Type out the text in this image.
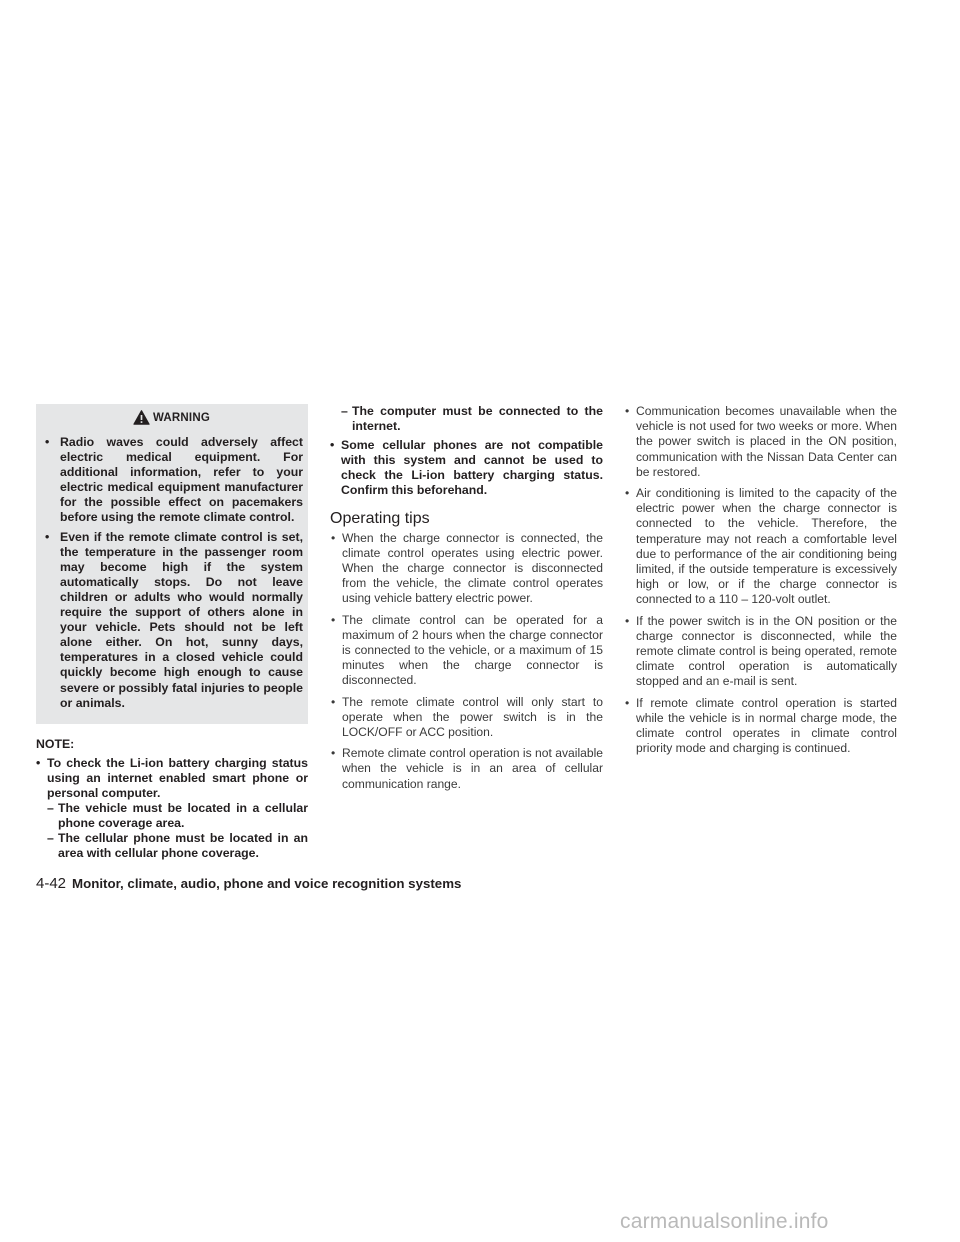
WARNING
• Radio waves could adversely affect electric medical equipment. For additional information, refer to your electric medical equipment manufacturer for the possible effect on pacemakers before using the remote climate control.
• Even if the remote climate control is set, the temperature in the passenger room may become high if the system automatically stops. Do not leave children or adults who would normally require the support of others alone in your vehicle. Pets should not be left alone either. On hot, sunny days, temperatures in a closed vehicle could quickly become high enough to cause severe or possibly fatal injuries to people or animals.
NOTE:
• To check the Li-ion battery charging status using an internet enabled smart phone or personal computer.
– The vehicle must be located in a cellular phone coverage area.
– The cellular phone must be located in an area with cellular phone coverage.
– The computer must be connected to the internet.
• Some cellular phones are not compatible with this system and cannot be used to check the Li-ion battery charging status. Confirm this beforehand.
Operating tips
• When the charge connector is connected, the climate control operates using electric power. When the charge connector is disconnected from the vehicle, the climate control operates using vehicle battery electric power.
• The climate control can be operated for a maximum of 2 hours when the charge connector is connected to the vehicle, or a maximum of 15 minutes when the charge connector is disconnected.
• The remote climate control will only start to operate when the power switch is in the LOCK/OFF or ACC position.
• Remote climate control operation is not available when the vehicle is in an area of cellular communication range.
• Communication becomes unavailable when the vehicle is not used for two weeks or more. When the power switch is placed in the ON position, communication with the Nissan Data Center can be restored.
• Air conditioning is limited to the capacity of the electric power when the charge connector is connected to the vehicle. Therefore, the temperature may not reach a comfortable level due to performance of the air conditioning being limited, if the outside temperature is excessively high or low, or if the charge connector is connected to a 110 – 120-volt outlet.
• If the power switch is in the ON position or the charge connector is disconnected, while the remote climate control is being operated, remote climate control operation is automatically stopped and an e-mail is sent.
• If remote climate control operation is started while the vehicle is in normal charge mode, the climate control operates in climate control priority mode and charging is continued.
4-42 Monitor, climate, audio, phone and voice recognition systems
carmanualsonline.info
